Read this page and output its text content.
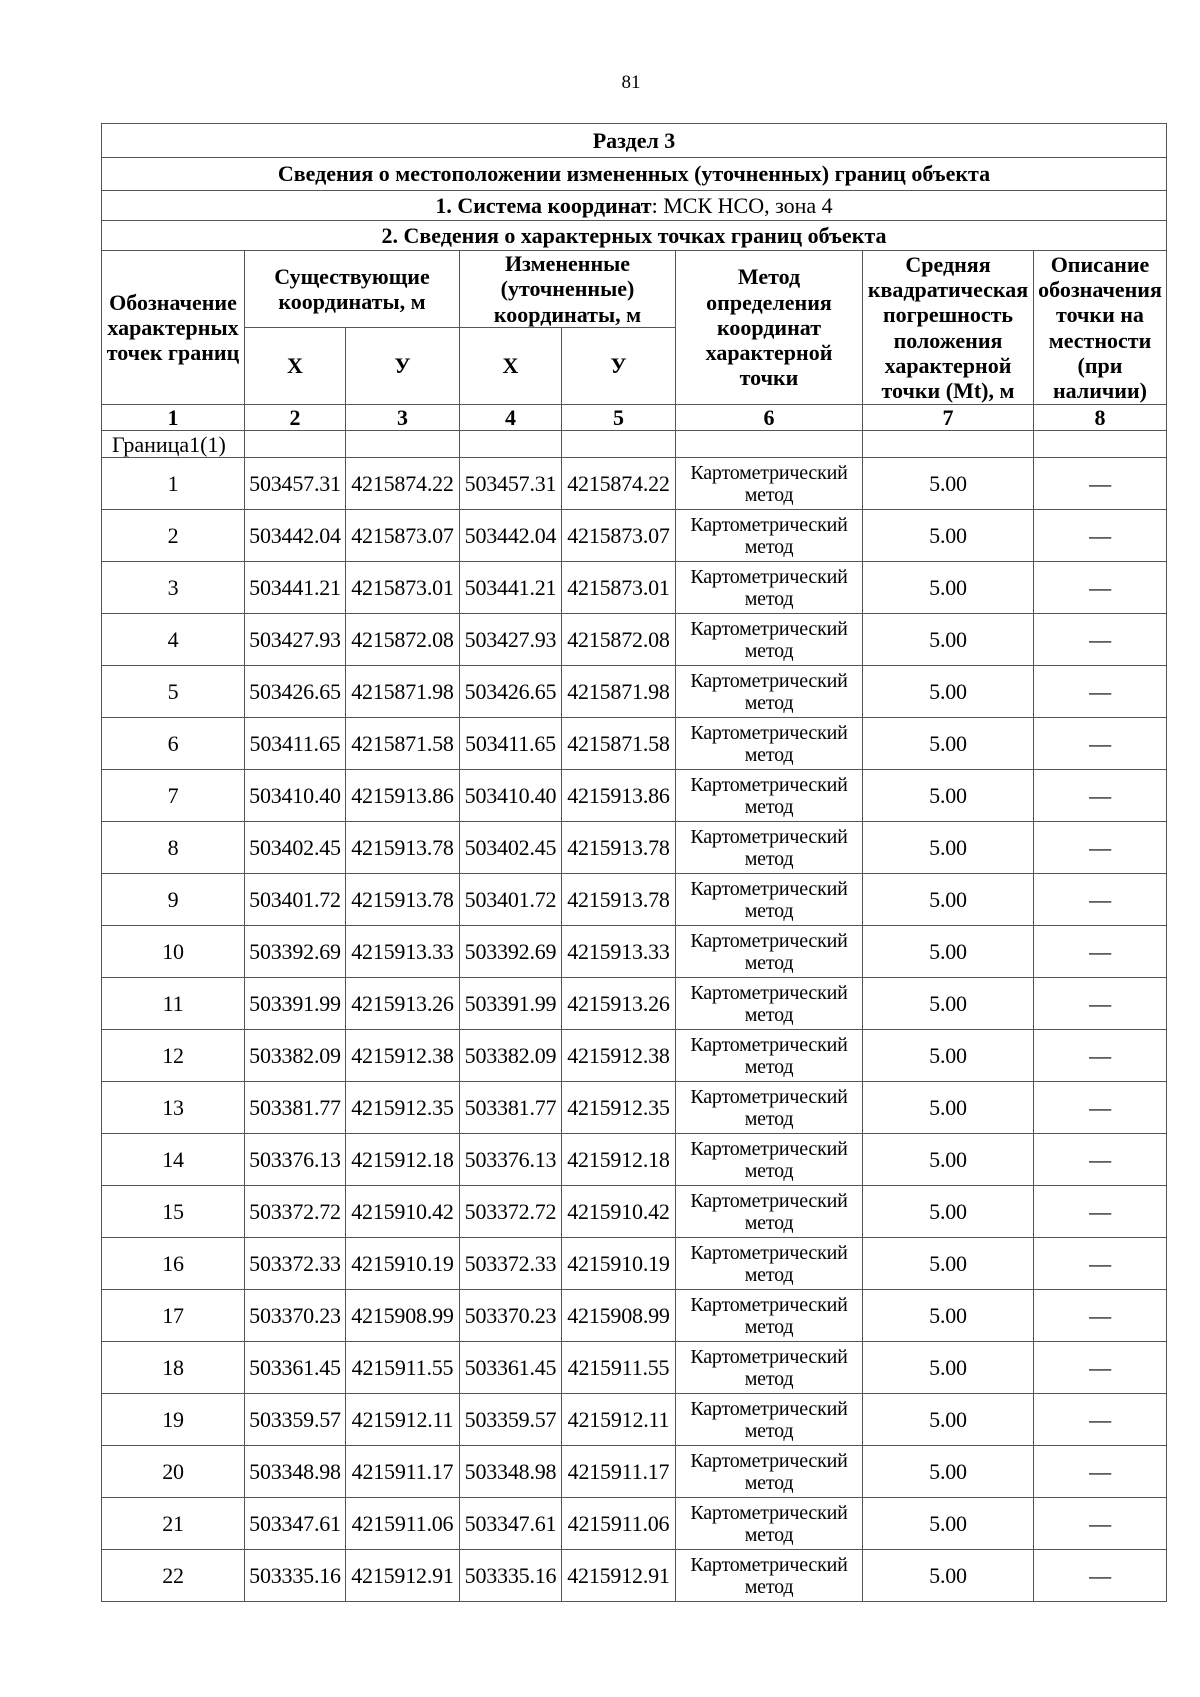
81
Раздел 3							
Сведения о местоположении измененных (уточненных) границ объекта							
1. Система координат: МСК НСО, зона 4							
2. Сведения о характерных точках границ объекта							
Обозначение характерных точек границ	Существующие координаты, м		Измененные (уточненные) координаты, м		Метод определения координат характерной точки	Средняя квадратическая погрешность положения характерной точки (Mt), м	Описание обозначения точки на местности (при наличии)
	X	У	X	У			
1	2	3	4	5	6	7	8
Граница1(1)							
1	503457.31	4215874.22	503457.31	4215874.22	Картометрический метод	5.00	—
2	503442.04	4215873.07	503442.04	4215873.07	Картометрический метод	5.00	—
3	503441.21	4215873.01	503441.21	4215873.01	Картометрический метод	5.00	—
4	503427.93	4215872.08	503427.93	4215872.08	Картометрический метод	5.00	—
5	503426.65	4215871.98	503426.65	4215871.98	Картометрический метод	5.00	—
6	503411.65	4215871.58	503411.65	4215871.58	Картометрический метод	5.00	—
7	503410.40	4215913.86	503410.40	4215913.86	Картометрический метод	5.00	—
8	503402.45	4215913.78	503402.45	4215913.78	Картометрический метод	5.00	—
9	503401.72	4215913.78	503401.72	4215913.78	Картометрический метод	5.00	—
10	503392.69	4215913.33	503392.69	4215913.33	Картометрический метод	5.00	—
11	503391.99	4215913.26	503391.99	4215913.26	Картометрический метод	5.00	—
12	503382.09	4215912.38	503382.09	4215912.38	Картометрический метод	5.00	—
13	503381.77	4215912.35	503381.77	4215912.35	Картометрический метод	5.00	—
14	503376.13	4215912.18	503376.13	4215912.18	Картометрический метод	5.00	—
15	503372.72	4215910.42	503372.72	4215910.42	Картометрический метод	5.00	—
16	503372.33	4215910.19	503372.33	4215910.19	Картометрический метод	5.00	—
17	503370.23	4215908.99	503370.23	4215908.99	Картометрический метод	5.00	—
18	503361.45	4215911.55	503361.45	4215911.55	Картометрический метод	5.00	—
19	503359.57	4215912.11	503359.57	4215912.11	Картометрический метод	5.00	—
20	503348.98	4215911.17	503348.98	4215911.17	Картометрический метод	5.00	—
21	503347.61	4215911.06	503347.61	4215911.06	Картометрический метод	5.00	—
22	503335.16	4215912.91	503335.16	4215912.91	Картометрический метод	5.00	—
